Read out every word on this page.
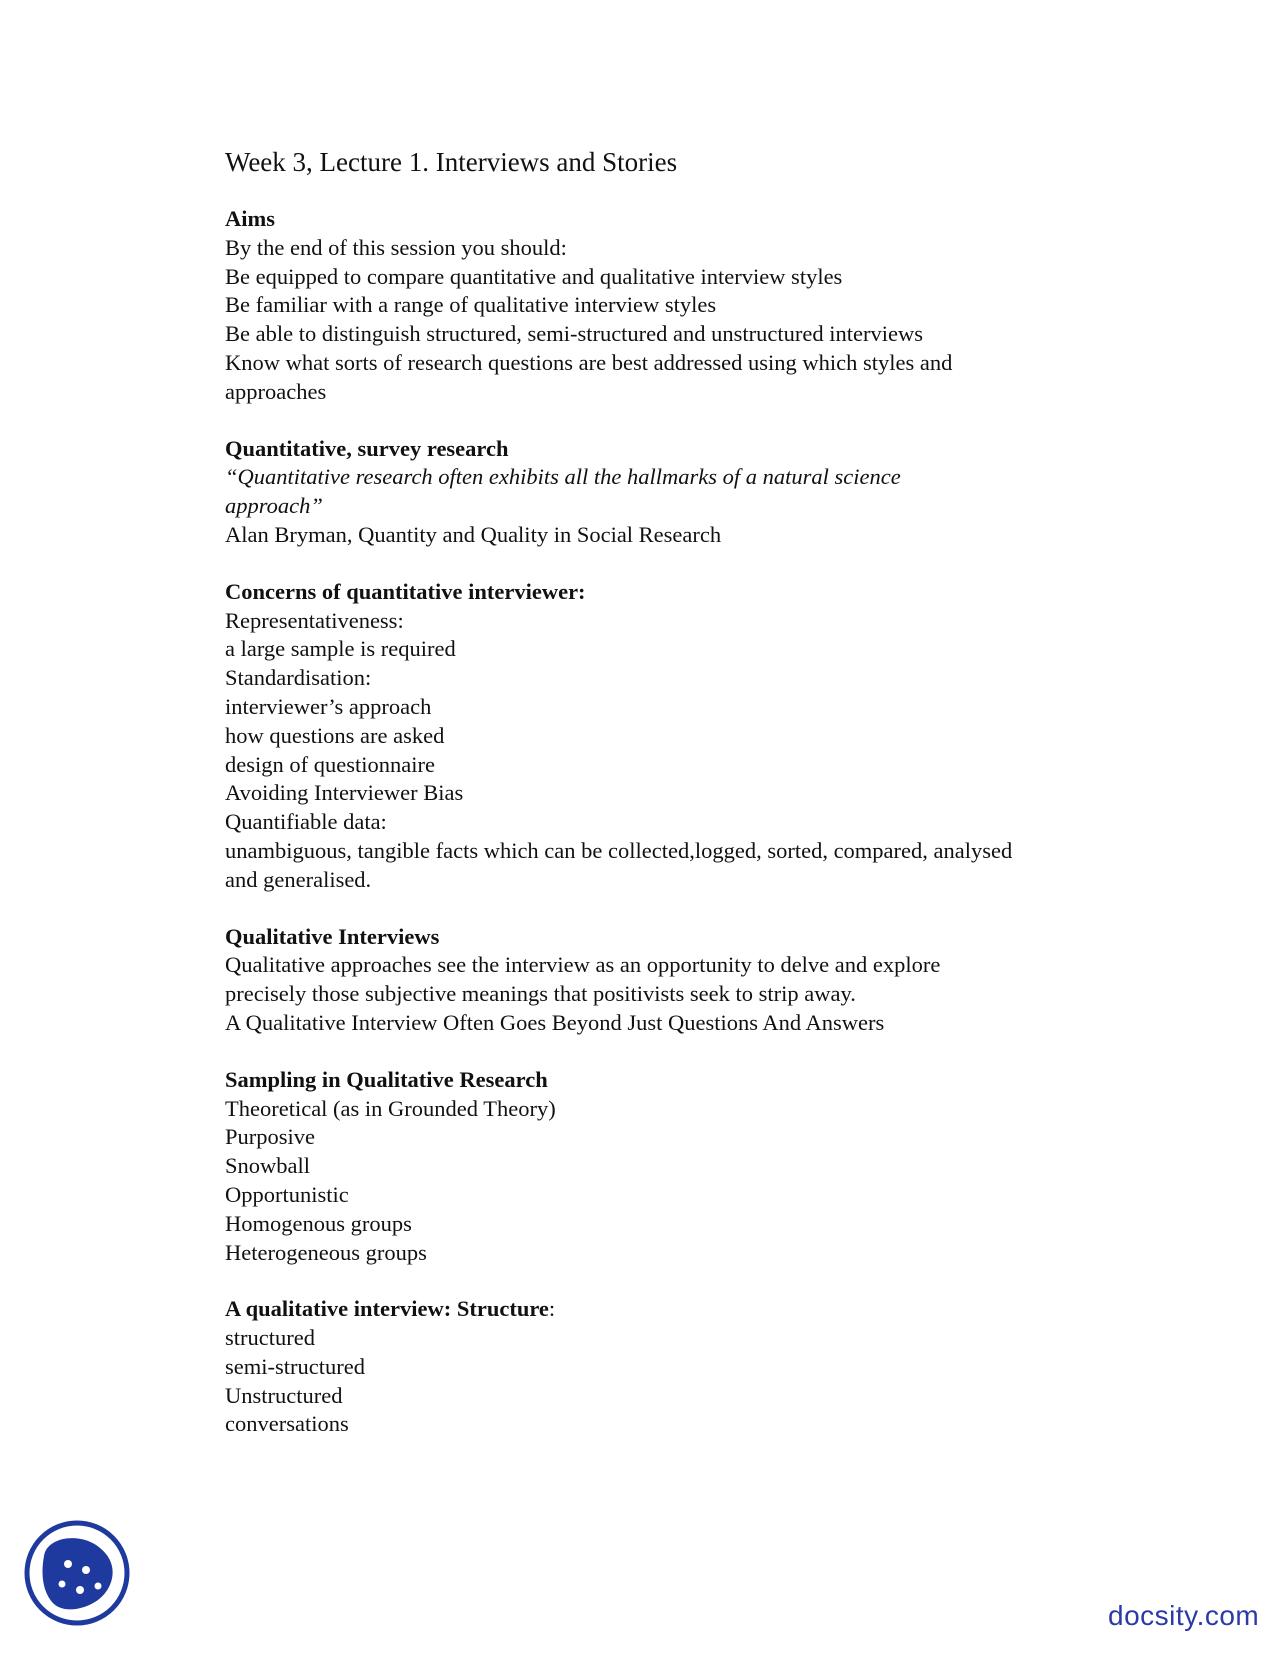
Week 3, Lecture 1. Interviews and Stories
Aims
By the end of this session you should:
Be equipped to compare quantitative and qualitative interview styles
Be familiar with a range of qualitative interview styles
Be able to distinguish structured, semi-structured and unstructured interviews
Know what sorts of research questions are best addressed using which styles and approaches
Quantitative, survey research
“Quantitative research often exhibits all the hallmarks of a natural science approach”
Alan Bryman, Quantity and Quality in Social Research
Concerns of quantitative interviewer:
Representativeness:
a large sample is required
Standardisation:
interviewer’s approach
how questions are asked
design of questionnaire
Avoiding Interviewer Bias
Quantifiable data:
unambiguous, tangible facts which can be collected,logged, sorted, compared, analysed and generalised.
Qualitative Interviews
Qualitative approaches see the interview as an opportunity to delve and explore precisely those subjective meanings that positivists seek to strip away.
A Qualitative Interview Often Goes Beyond Just Questions And Answers
Sampling in Qualitative Research
Theoretical (as in Grounded Theory)
Purposive
Snowball
Opportunistic
Homogenous groups
Heterogeneous groups
A qualitative interview: Structure:
structured
semi-structured
Unstructured
conversations
docsity.com
